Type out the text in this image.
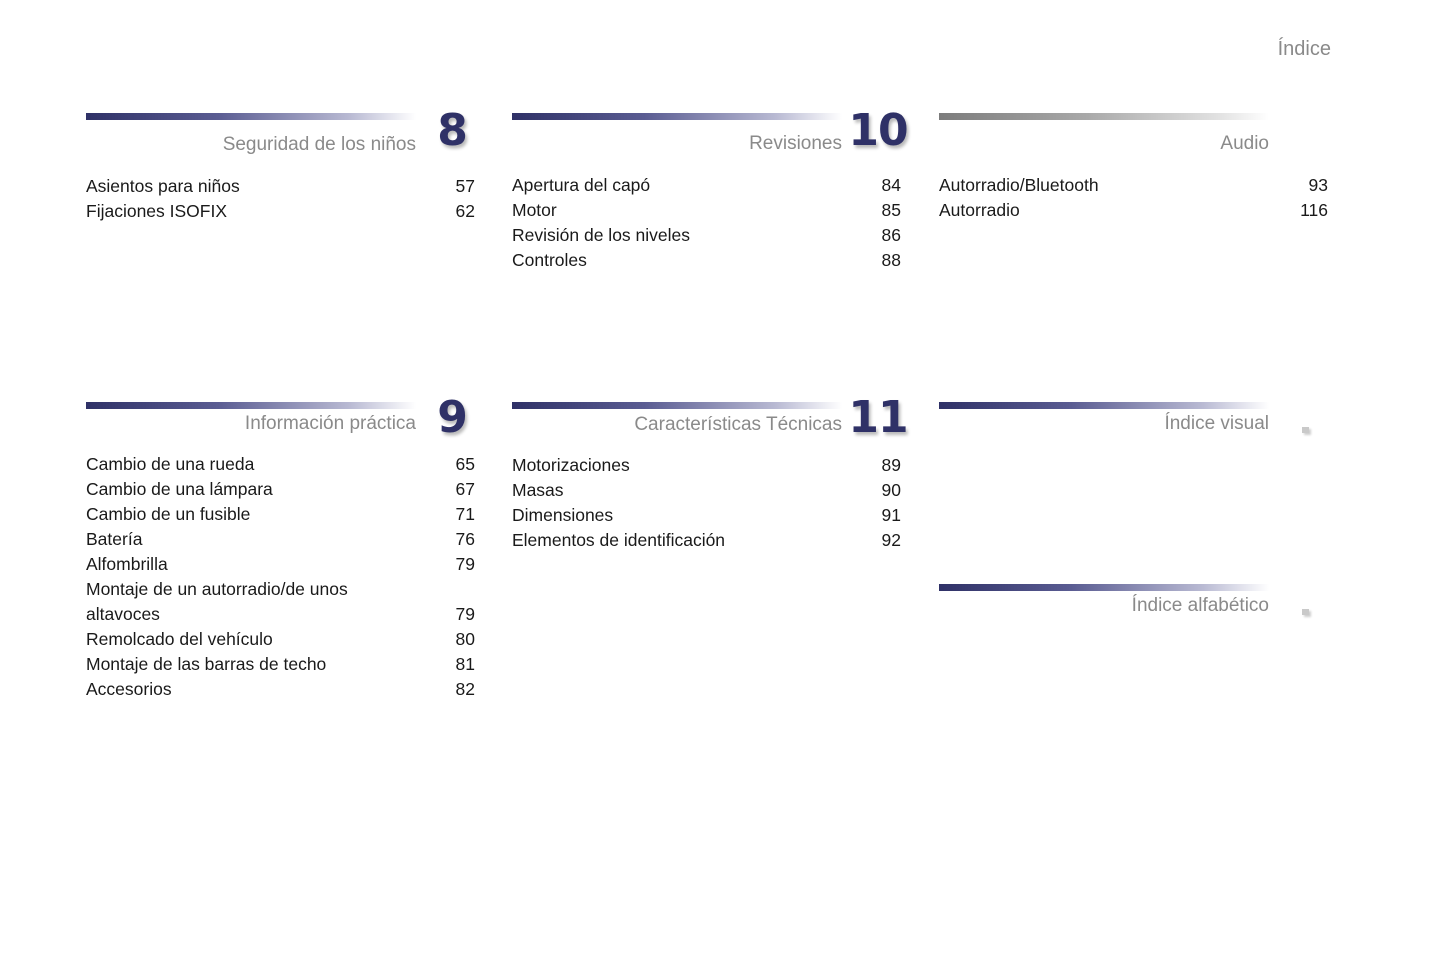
Índice
Seguridad de los niños 8
Asientos para niños	57
Fijaciones ISOFIX	62
Revisiones 10
Apertura del capó	84
Motor	85
Revisión de los niveles	86
Controles	88
Audio
Autorradio/Bluetooth	93
Autorradio	116
Información práctica 9
Cambio de una rueda	65
Cambio de una lámpara	67
Cambio de un fusible	71
Batería	76
Alfombrilla	79
Montaje de un autorradio/de unos
altavoces	79
Remolcado del vehículo	80
Montaje de las barras de techo	81
Accesorios	82
Características Técnicas 11
Motorizaciones	89
Masas	90
Dimensiones	91
Elementos de identificación	92
Índice visual
Índice alfabético
